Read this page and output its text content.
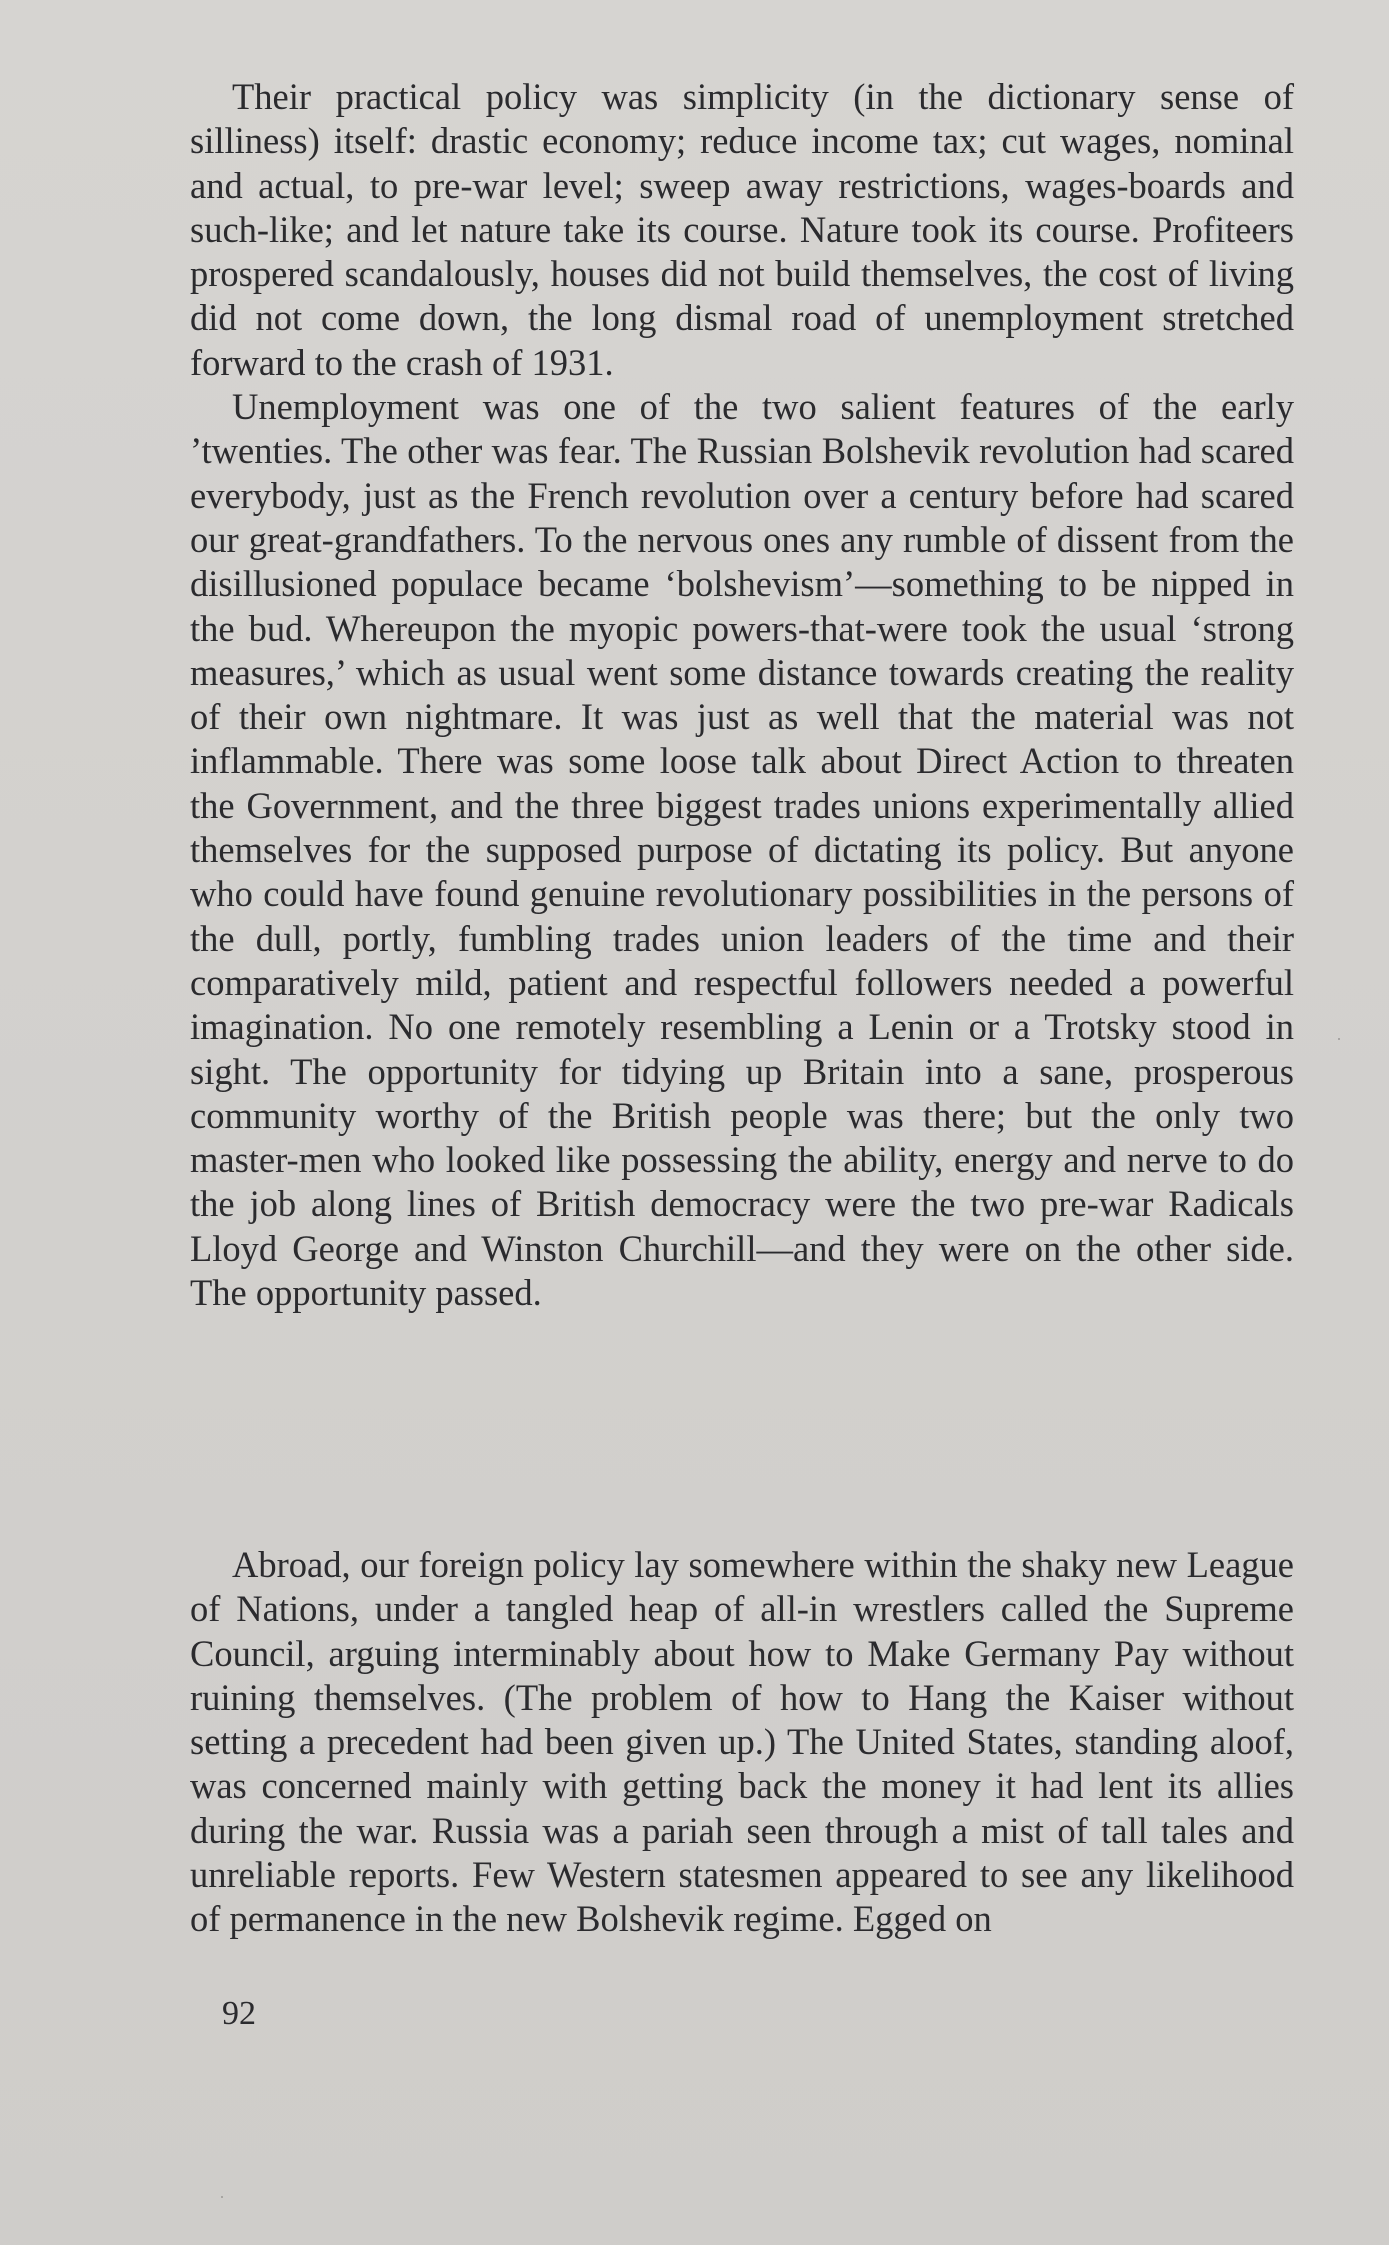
Their practical policy was simplicity (in the dictionary sense of silliness) itself: drastic economy; reduce income tax; cut wages, nominal and actual, to pre-war level; sweep away restrictions, wages-boards and such-like; and let nature take its course. Nature took its course. Profiteers prospered scandalously, houses did not build themselves, the cost of living did not come down, the long dismal road of unemployment stretched forward to the crash of 1931.

Unemployment was one of the two salient features of the early ’twenties. The other was fear. The Russian Bolshevik revolution had scared everybody, just as the French revolution over a century before had scared our great-grandfathers. To the nervous ones any rumble of dissent from the disillusioned populace became ‘bolshevism’—something to be nipped in the bud. Whereupon the myopic powers-that-were took the usual ‘strong measures,’ which as usual went some distance towards creating the reality of their own nightmare. It was just as well that the material was not inflammable. There was some loose talk about Direct Action to threaten the Government, and the three biggest trades unions experimentally allied themselves for the supposed purpose of dictating its policy. But anyone who could have found genuine revolutionary possibilities in the persons of the dull, portly, fumbling trades union leaders of the time and their comparatively mild, patient and respectful followers needed a powerful imagination. No one remotely resembling a Lenin or a Trotsky stood in sight. The opportunity for tidying up Britain into a sane, prosperous community worthy of the British people was there; but the only two master-men who looked like possessing the ability, energy and nerve to do the job along lines of British democracy were the two pre-war Radicals Lloyd George and Winston Churchill—and they were on the other side. The opportunity passed.

Abroad, our foreign policy lay somewhere within the shaky new League of Nations, under a tangled heap of all-in wrestlers called the Supreme Council, arguing interminably about how to Make Germany Pay without ruining themselves. (The problem of how to Hang the Kaiser without setting a precedent had been given up.) The United States, standing aloof, was concerned mainly with getting back the money it had lent its allies during the war. Russia was a pariah seen through a mist of tall tales and unreliable reports. Few Western statesmen appeared to see any likelihood of permanence in the new Bolshevik regime. Egged on

92
